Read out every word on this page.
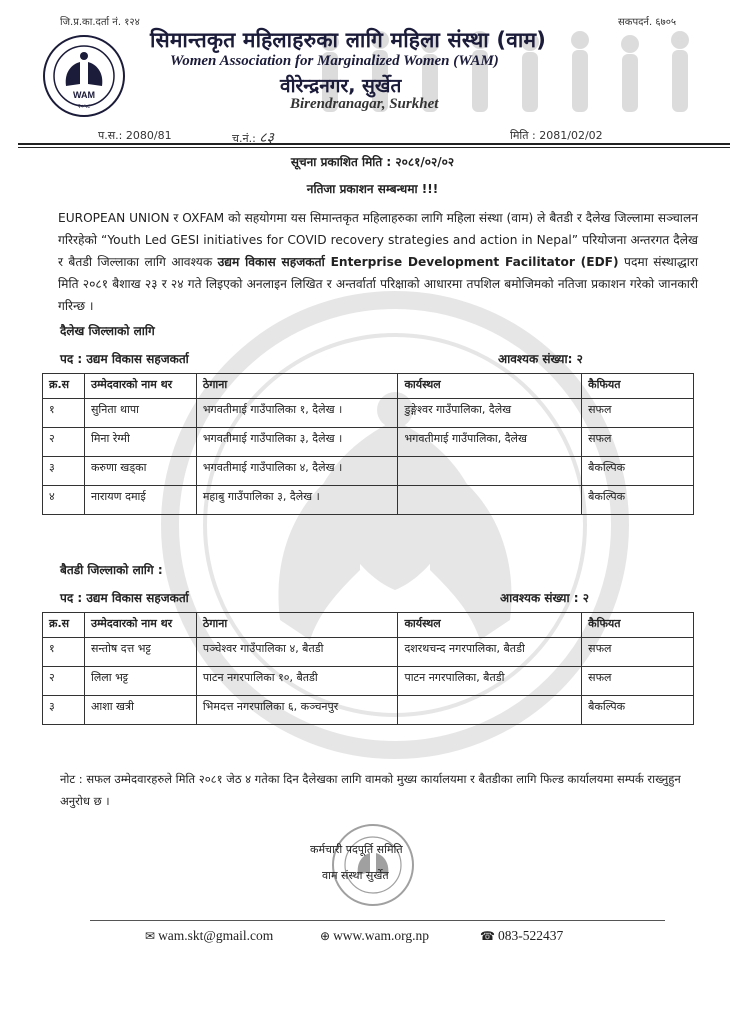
जि.प्र.का.दर्ता नं. १२४	सकपदर्न. ६७०५
WAM
२०५८
सिमान्तकृत महिलाहरुका लागि महिला संस्था (वाम)
Women Association for Marginalized Women (WAM)
वीरेन्द्रनगर, सुर्खेत
Birendranagar, Surkhet
प.स.: 2080/81	च.नं.: ८३	मिति : 2081/02/02
सूचना प्रकाशित मिति : २०८१/०२/०२
नतिजा प्रकाशन सम्बन्धमा !!!
EUROPEAN UNION र OXFAM को सहयोगमा यस सिमान्तकृत महिलाहरुका लागि महिला संस्था (वाम) ले बैतडी र दैलेख जिल्लामा सञ्चालन गरिरहेको “Youth Led GESI initiatives for COVID recovery strategies and action in Nepal” परियोजना अन्तरगत दैलेख र बैतडी जिल्लाका लागि आवश्यक उद्यम विकास सहजकर्ता Enterprise Development Facilitator (EDF) पदमा संस्थाद्धारा मिति २०८१ बैशाख २३ र २४ गते लिइएको अनलाइन लिखित र अन्तर्वार्ता परिक्षाको आधारमा तपशिल बमोजिमको नतिजा प्रकाशन गरेको जानकारी गरिन्छ ।
दैलेख जिल्लाको लागि
पद : उद्यम विकास सहजकर्ता	आवश्यक संख्या: २
क्र.स	उम्मेदवारको नाम थर	ठेगाना	कार्यस्थल	कैफियत
१	सुनिता थापा	भगवतीमाई गाउँपालिका १, दैलेख ।	डुङ्गेश्वर गाउँपालिका, दैलेख	सफल
२	मिना रेग्मी	भगवतीमाई गाउँपालिका ३, दैलेख ।	भगवतीमाई गाउँपालिका, दैलेख	सफल
३	करुणा खड्का	भगवतीमाई गाउँपालिका ४, दैलेख ।		बैकल्पिक
४	नारायण दमाई	महाबु गाउँपालिका ३, दैलेख ।		बैकल्पिक
बैतडी जिल्लाको लागि :
पद : उद्यम विकास सहजकर्ता	आवश्यक संख्या : २
क्र.स	उम्मेदवारको नाम थर	ठेगाना	कार्यस्थल	कैफियत
१	सन्तोष दत्त भट्ट	पञ्चेश्वर गाउँपालिका ४, बैतडी	दशरथचन्द नगरपालिका, बैतडी	सफल
२	लिला भट्ट	पाटन नगरपालिका १०, बैतडी	पाटन नगरपालिका, बैतडी	सफल
३	आशा खत्री	भिमदत्त नगरपालिका ६, कञ्चनपुर		बैकल्पिक
नोट : सफल उम्मेदवारहरुले मिति २०८१ जेठ ४ गतेका दिन दैलेखका लागि वामको मुख्य कार्यालयमा र बैतडीका लागि फिल्ड कार्यालयमा सम्पर्क राख्नुहुन अनुरोध छ ।
कर्मचारी पदपूर्ति समिति
वाम संस्था सुर्खेत
✉ wam.skt@gmail.com	⊕ www.wam.org.np	☎ 083-522437
